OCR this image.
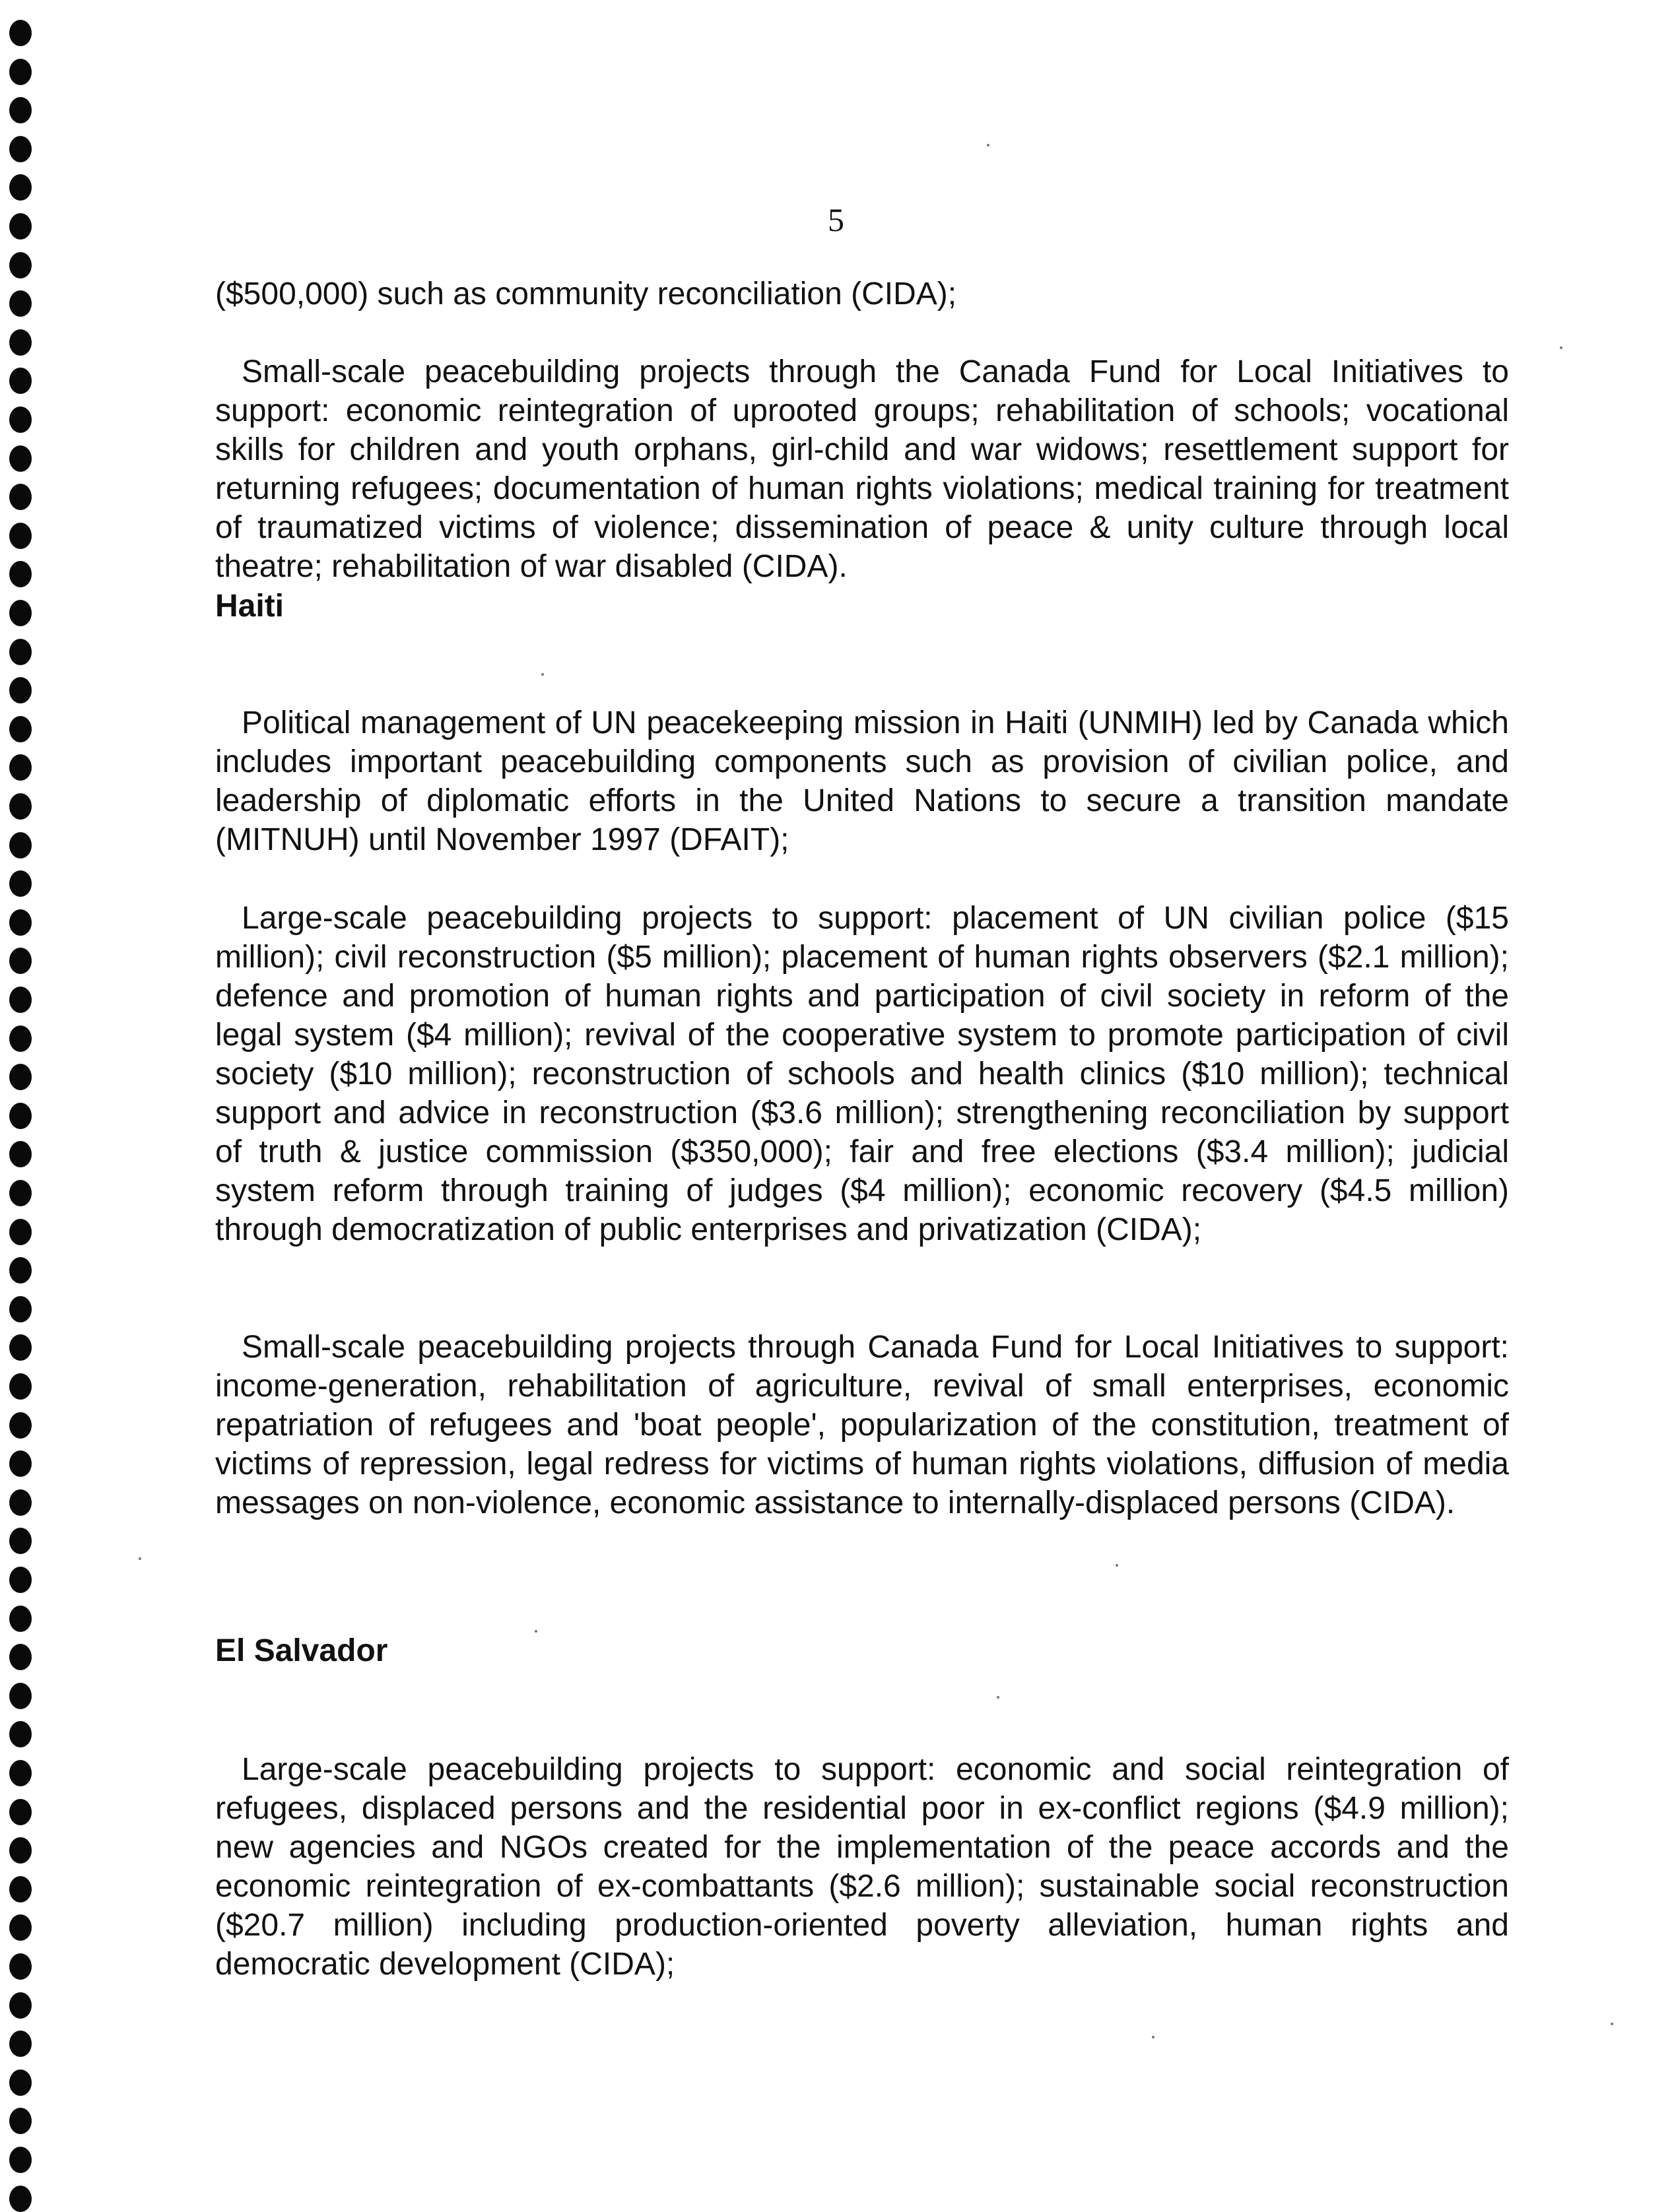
5

($500,000) such as community reconciliation (CIDA);

Small-scale peacebuilding projects through the Canada Fund for Local Initiatives to support: economic reintegration of uprooted groups; rehabilitation of schools; vocational skills for children and youth orphans, girl-child and war widows; resettlement support for returning refugees; documentation of human rights violations; medical training for treatment of traumatized victims of violence; dissemination of peace & unity culture through local theatre; rehabilitation of war disabled (CIDA).

Haiti

Political management of UN peacekeeping mission in Haiti (UNMIH) led by Canada which includes important peacebuilding components such as provision of civilian police, and leadership of diplomatic efforts in the United Nations to secure a transition mandate (MITNUH) until November 1997 (DFAIT);

Large-scale peacebuilding projects to support: placement of UN civilian police ($15 million); civil reconstruction ($5 million); placement of human rights observers ($2.1 million); defence and promotion of human rights and participation of civil society in reform of the legal system ($4 million); revival of the cooperative system to promote participation of civil society ($10 million); reconstruction of schools and health clinics ($10 million); technical support and advice in reconstruction ($3.6 million); strengthening reconciliation by support of truth & justice commission ($350,000); fair and free elections ($3.4 million); judicial system reform through training of judges ($4 million); economic recovery ($4.5 million) through democratization of public enterprises and privatization (CIDA);

Small-scale peacebuilding projects through Canada Fund for Local Initiatives to support: income-generation, rehabilitation of agriculture, revival of small enterprises, economic repatriation of refugees and 'boat people', popularization of the constitution, treatment of victims of repression, legal redress for victims of human rights violations, diffusion of media messages on non-violence, economic assistance to internally-displaced persons (CIDA).

El Salvador

Large-scale peacebuilding projects to support: economic and social reintegration of refugees, displaced persons and the residential poor in ex-conflict regions ($4.9 million); new agencies and NGOs created for the implementation of the peace accords and the economic reintegration of ex-combattants ($2.6 million); sustainable social reconstruction ($20.7 million) including production-oriented poverty alleviation, human rights and democratic development (CIDA);
